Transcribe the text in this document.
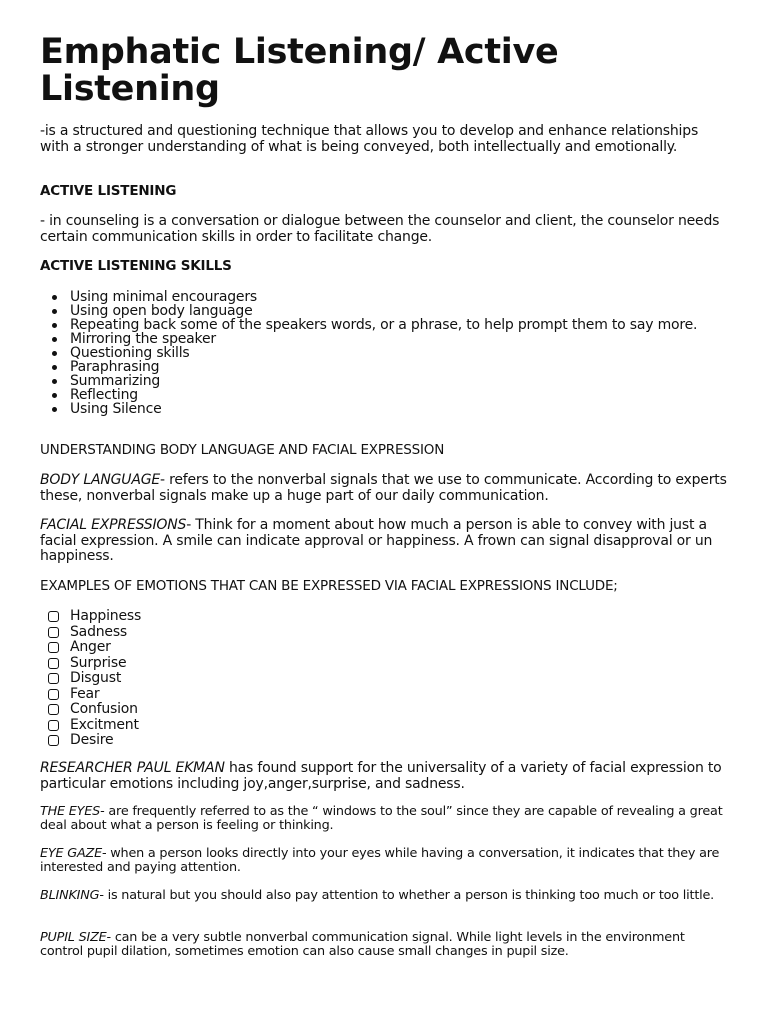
Emphatic Listening/ Active Listening

-is a structured and questioning technique that allows you to develop and enhance relationships with a stronger understanding of what is being conveyed, both intellectually and emotionally.

ACTIVE LISTENING

- in counseling is a conversation or dialogue between the counselor and client, the counselor needs certain communication skills in order to facilitate change.

ACTIVE LISTENING SKILLS

Using minimal encouragers
Using open body language
Repeating back some of the speakers words, or a phrase, to help prompt them to say more.
Mirroring the speaker
Questioning skills
Paraphrasing
Summarizing
Reflecting
Using Silence

UNDERSTANDING BODY LANGUAGE AND FACIAL EXPRESSION

BODY LANGUAGE- refers to the nonverbal signals that we use to communicate. According to experts these, nonverbal signals make up a huge part of our daily communication.

FACIAL EXPRESSIONS- Think for a moment about how much a person is able to convey with just a facial expression. A smile can indicate approval or happiness. A frown can signal disapproval or un happiness.

EXAMPLES OF EMOTIONS THAT CAN BE EXPRESSED VIA FACIAL EXPRESSIONS INCLUDE;

Happiness
Sadness
Anger
Surprise
Disgust
Fear
Confusion
Excitment
Desire

RESEARCHER PAUL EKMAN has found support for the universality of a variety of facial expression to particular emotions including joy,anger,surprise, and sadness.

THE EYES- are frequently referred to as the “ windows to the soul” since they are capable of revealing a great deal about what a person is feeling or thinking.

EYE GAZE- when a person looks directly into your eyes while having a conversation, it indicates that they are interested and paying attention.

BLINKING- is natural but you should also pay attention to whether a person is thinking too much or too little.

PUPIL SIZE- can be a very subtle nonverbal communication signal. While light levels in the environment control pupil dilation, sometimes emotion can also cause small changes in pupil size.
